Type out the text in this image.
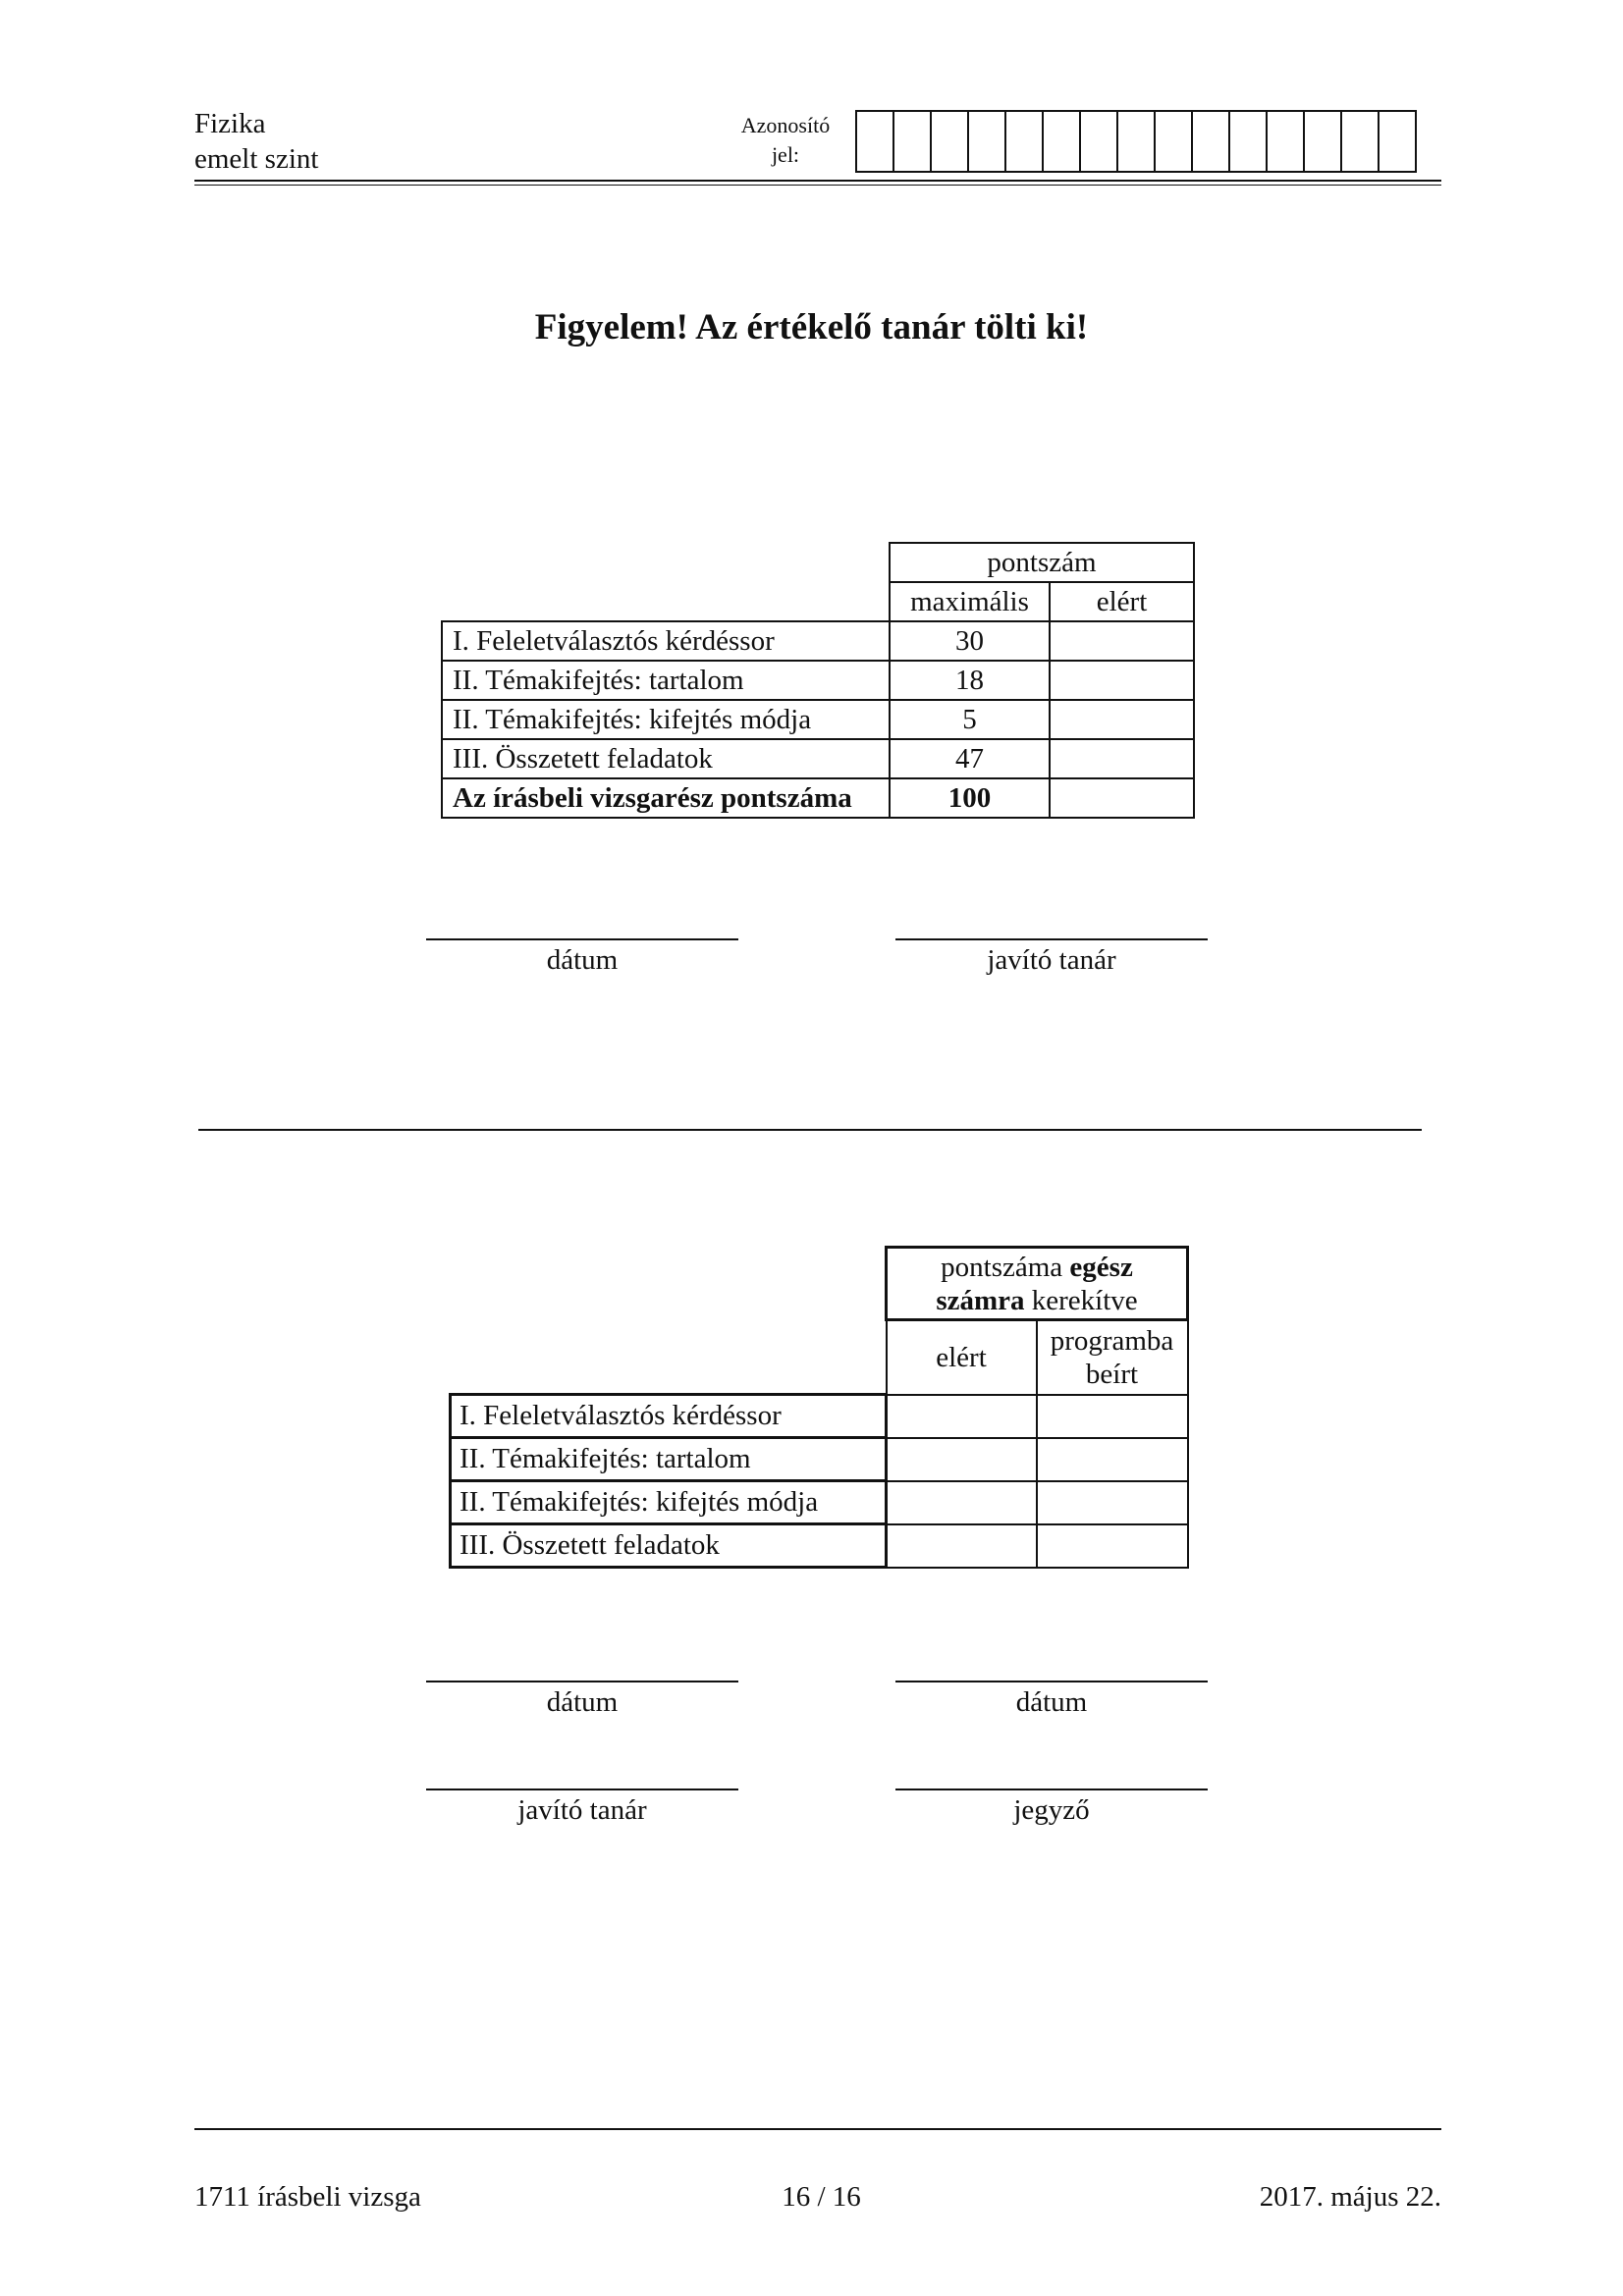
Fizika
emelt szint
Azonosító
jel:
Figyelem! Az értékelő tanár tölti ki!
	pontszám	
	maximális	elért
I. Feleletválasztós kérdéssor	30	
II. Témakifejtés: tartalom	18	
II. Témakifejtés: kifejtés módja	5	
III. Összetett feladatok	47	
Az írásbeli vizsgarész pontszáma	100	
dátum	javító tanár
	pontszáma egész
számra kerekítve	
	elért	programba
beírt
I. Feleletválasztós kérdéssor		
II. Témakifejtés: tartalom		
II. Témakifejtés: kifejtés módja		
III. Összetett feladatok		
dátum	dátum
javító tanár	jegyző
1711 írásbeli vizsga	16 / 16	2017. május 22.
